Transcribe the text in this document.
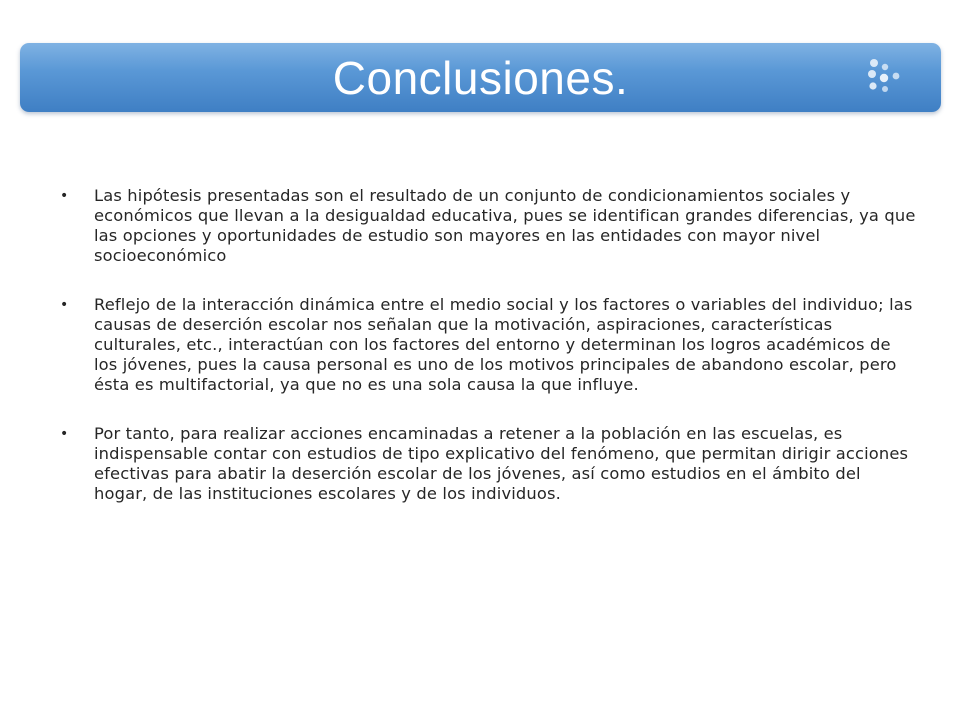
Conclusiones.
•	Las hipótesis presentadas son el resultado de un conjunto de condicionamientos sociales y económicos que llevan a la desigualdad educativa, pues se identifican grandes diferencias, ya que las opciones y oportunidades de estudio son mayores en las entidades con mayor nivel socioeconómico
•	Reflejo de la interacción dinámica entre el medio social y los factores o variables del individuo; las causas de deserción escolar nos señalan que la motivación, aspiraciones, características culturales, etc., interactúan con los factores del entorno y determinan los logros académicos de los jóvenes, pues la causa personal es uno de los motivos principales de abandono escolar, pero ésta es multifactorial, ya que no es una sola causa la que influye.
•	Por tanto, para realizar acciones encaminadas a retener a la población en las escuelas, es indispensable contar con estudios de tipo explicativo del fenómeno, que permitan dirigir acciones efectivas para abatir la deserción escolar de los jóvenes, así como estudios en el ámbito del hogar, de las instituciones escolares y de los individuos.
